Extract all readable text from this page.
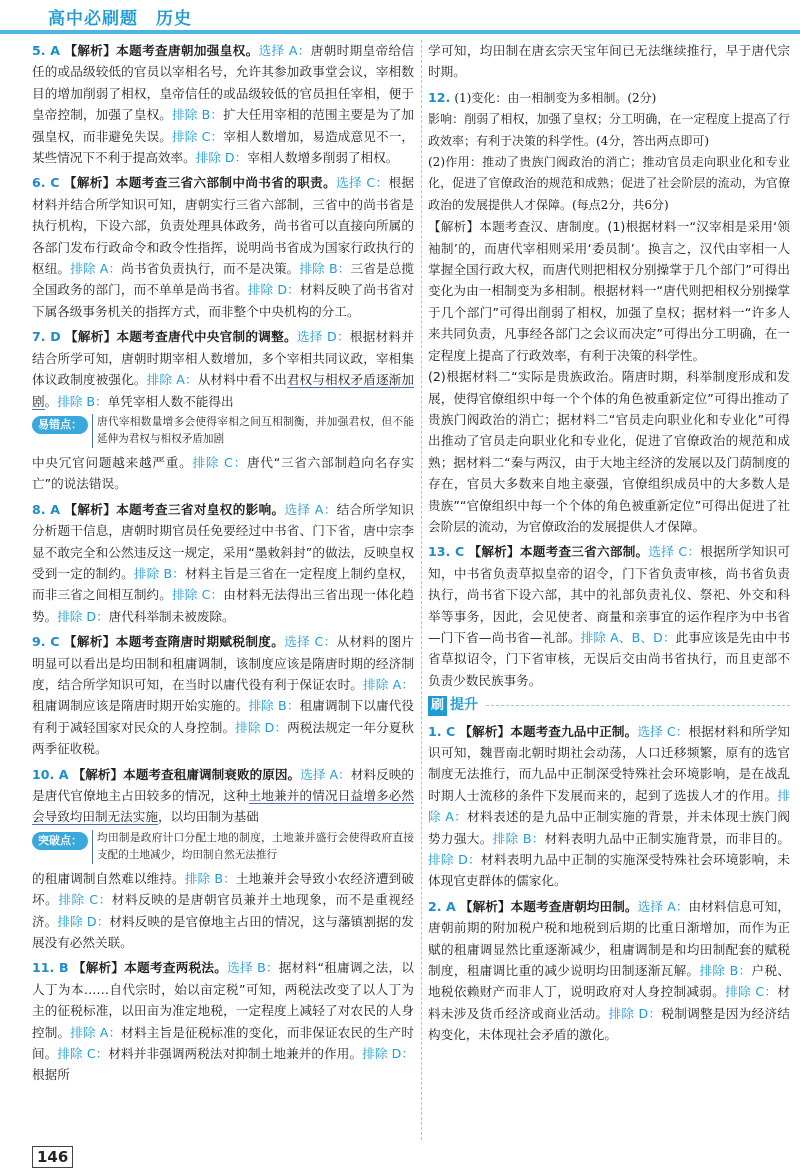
高中必刷题　历史
5. A 【解析】本题考查唐朝加强皇权。选择 A：唐朝时期皇帝给信任的或品级较低的官员以宰相名号，允许其参加政事堂会议，宰相数目的增加削弱了相权，皇帝信任的或品级较低的官员担任宰相，便于皇帝控制，加强了皇权。排除 B：扩大任用宰相的范围主要是为了加强皇权，而非避免失误。排除 C：宰相人数增加，易造成意见不一，某些情况下不利于提高效率。排除 D：宰相人数增多削弱了相权。
6. C 【解析】本题考查三省六部制中尚书省的职责。选择 C：根据材料并结合所学知识可知，唐朝实行三省六部制，三省中的尚书省是执行机构，下设六部，负责处理具体政务，尚书省可以直接向所属的各部门发布行政命令和政令性指挥，说明尚书省成为国家行政执行的枢纽。排除 A：尚书省负责执行，而不是决策。排除 B：三省是总揽全国政务的部门，而不单单是尚书省。排除 D：材料反映了尚书省对下属各级事务机关的指挥方式，而非整个中央机构的分工。
7. D 【解析】本题考查唐代中央官制的调整。选择 D：根据材料并结合所学可知，唐朝时期宰相人数增加，多个宰相共同议政，宰相集体议政制度被强化。排除 A：从材料中看不出君权与相权矛盾逐渐加剧。排除 B：单凭宰相人数不能得出
易错点：	唐代宰相数量增多会使得宰相之间互相制衡，并加强君权，但不能延伸为君权与相权矛盾加剧
中央冗官问题越来越严重。排除 C：唐代“三省六部制趋向名存实亡”的说法错误。
8. A 【解析】本题考查三省对皇权的影响。选择 A：结合所学知识分析题干信息，唐朝时期官员任免要经过中书省、门下省，唐中宗李显不敢完全和公然违反这一规定，采用“墨敕斜封”的做法，反映皇权受到一定的制约。排除 B：材料主旨是三省在一定程度上制约皇权，而非三省之间相互制约。排除 C：由材料无法得出三省出现一体化趋势。排除 D：唐代科举制未被废除。
9. C 【解析】本题考查隋唐时期赋税制度。选择 C：从材料的图片明显可以看出是均田制和租庸调制，该制度应该是隋唐时期的经济制度，结合所学知识可知，在当时以庸代役有利于保证农时。排除 A：租庸调制应该是隋唐时期开始实施的。排除 B：租庸调制下以庸代役有利于减轻国家对民众的人身控制。排除 D：两税法规定一年分夏秋两季征收税。
10. A 【解析】本题考查租庸调制衰败的原因。选择 A：材料反映的是唐代官僚地主占田较多的情况，这种土地兼并的情况日益增多必然会导致均田制无法实施，以均田制为基础
突破点：	均田制是政府计口分配土地的制度，土地兼并盛行会使得政府直接支配的土地减少，均田制自然无法推行
的租庸调制自然难以维持。排除 B：土地兼并会导致小农经济遭到破坏。排除 C：材料反映的是唐朝官员兼并土地现象，而不是重视经济。排除 D：材料反映的是官僚地主占田的情况，这与藩镇割据的发展没有必然关联。
11. B 【解析】本题考查两税法。选择 B：据材料“租庸调之法，以人丁为本……自代宗时，始以亩定税”可知，两税法改变了以人丁为主的征税标准，以田亩为准定地税，一定程度上减轻了对农民的人身控制。排除 A：材料主旨是征税标准的变化，而非保证农民的生产时间。排除 C：材料并非强调两税法对抑制土地兼并的作用。排除 D：根据所
学可知，均田制在唐玄宗天宝年间已无法继续推行，早于唐代宗时期。
12. (1)变化：由一相制变为多相制。(2分)
影响：削弱了相权，加强了皇权；分工明确，在一定程度上提高了行政效率；有利于决策的科学性。(4分，答出两点即可)
(2)作用：推动了贵族门阀政治的消亡；推动官员走向职业化和专业化，促进了官僚政治的规范和成熟；促进了社会阶层的流动，为官僚政治的发展提供人才保障。(每点2分，共6分)
【解析】本题考查汉、唐制度。(1)根据材料一“汉宰相是采用‘领袖制’的，而唐代宰相则采用‘委员制’。换言之，汉代由宰相一人掌握全国行政大权，而唐代则把相权分别操掌于几个部门”可得出变化为由一相制变为多相制。根据材料一“唐代则把相权分别操掌于几个部门”可得出削弱了相权，加强了皇权；据材料一“许多人来共同负责，凡事经各部门之会议而决定”可得出分工明确，在一定程度上提高了行政效率，有利于决策的科学性。
(2)根据材料二“实际是贵族政治。隋唐时期，科举制度形成和发展，使得官僚组织中每一个个体的角色被重新定位”可得出推动了贵族门阀政治的消亡；据材料二“官员走向职业化和专业化”可得出推动了官员走向职业化和专业化，促进了官僚政治的规范和成熟；据材料二“秦与两汉，由于大地主经济的发展以及门荫制度的存在，官员大多数来自地主豪强，官僚组织成员中的大多数人是贵族”“官僚组织中每一个个体的角色被重新定位”可得出促进了社会阶层的流动，为官僚政治的发展提供人才保障。
13. C 【解析】本题考查三省六部制。选择 C：根据所学知识可知，中书省负责草拟皇帝的诏令，门下省负责审核，尚书省负责执行，尚书省下设六部，其中的礼部负责礼仪、祭祀、外交和科举等事务，因此，会见使者、商量和亲事宜的运作程序为中书省—门下省—尚书省—礼部。排除 A、B、D：此事应该是先由中书省草拟诏令，门下省审核，无误后交由尚书省执行，而且吏部不负责少数民族事务。
刷 提升
1. C 【解析】本题考查九品中正制。选择 C：根据材料和所学知识可知，魏晋南北朝时期社会动荡，人口迁移频繁，原有的选官制度无法推行，而九品中正制深受特殊社会环境影响，是在战乱时期人士流移的条件下发展而来的，起到了选拔人才的作用。排除 A：材料表述的是九品中正制实施的背景，并未体现士族门阀势力强大。排除 B：材料表明九品中正制实施背景，而非目的。排除 D：材料表明九品中正制的实施深受特殊社会环境影响，未体现官吏群体的儒家化。
2. A 【解析】本题考查唐朝均田制。选择 A：由材料信息可知，唐朝前期的附加税户税和地税到后期的比重日渐增加，而作为正赋的租庸调显然比重逐渐减少，租庸调制是和均田制配套的赋税制度，租庸调比重的减少说明均田制逐渐瓦解。排除 B：户税、地税依赖财产而非人丁，说明政府对人身控制减弱。排除 C：材料未涉及货币经济或商业活动。排除 D：税制调整是因为经济结构变化，未体现社会矛盾的激化。
146
